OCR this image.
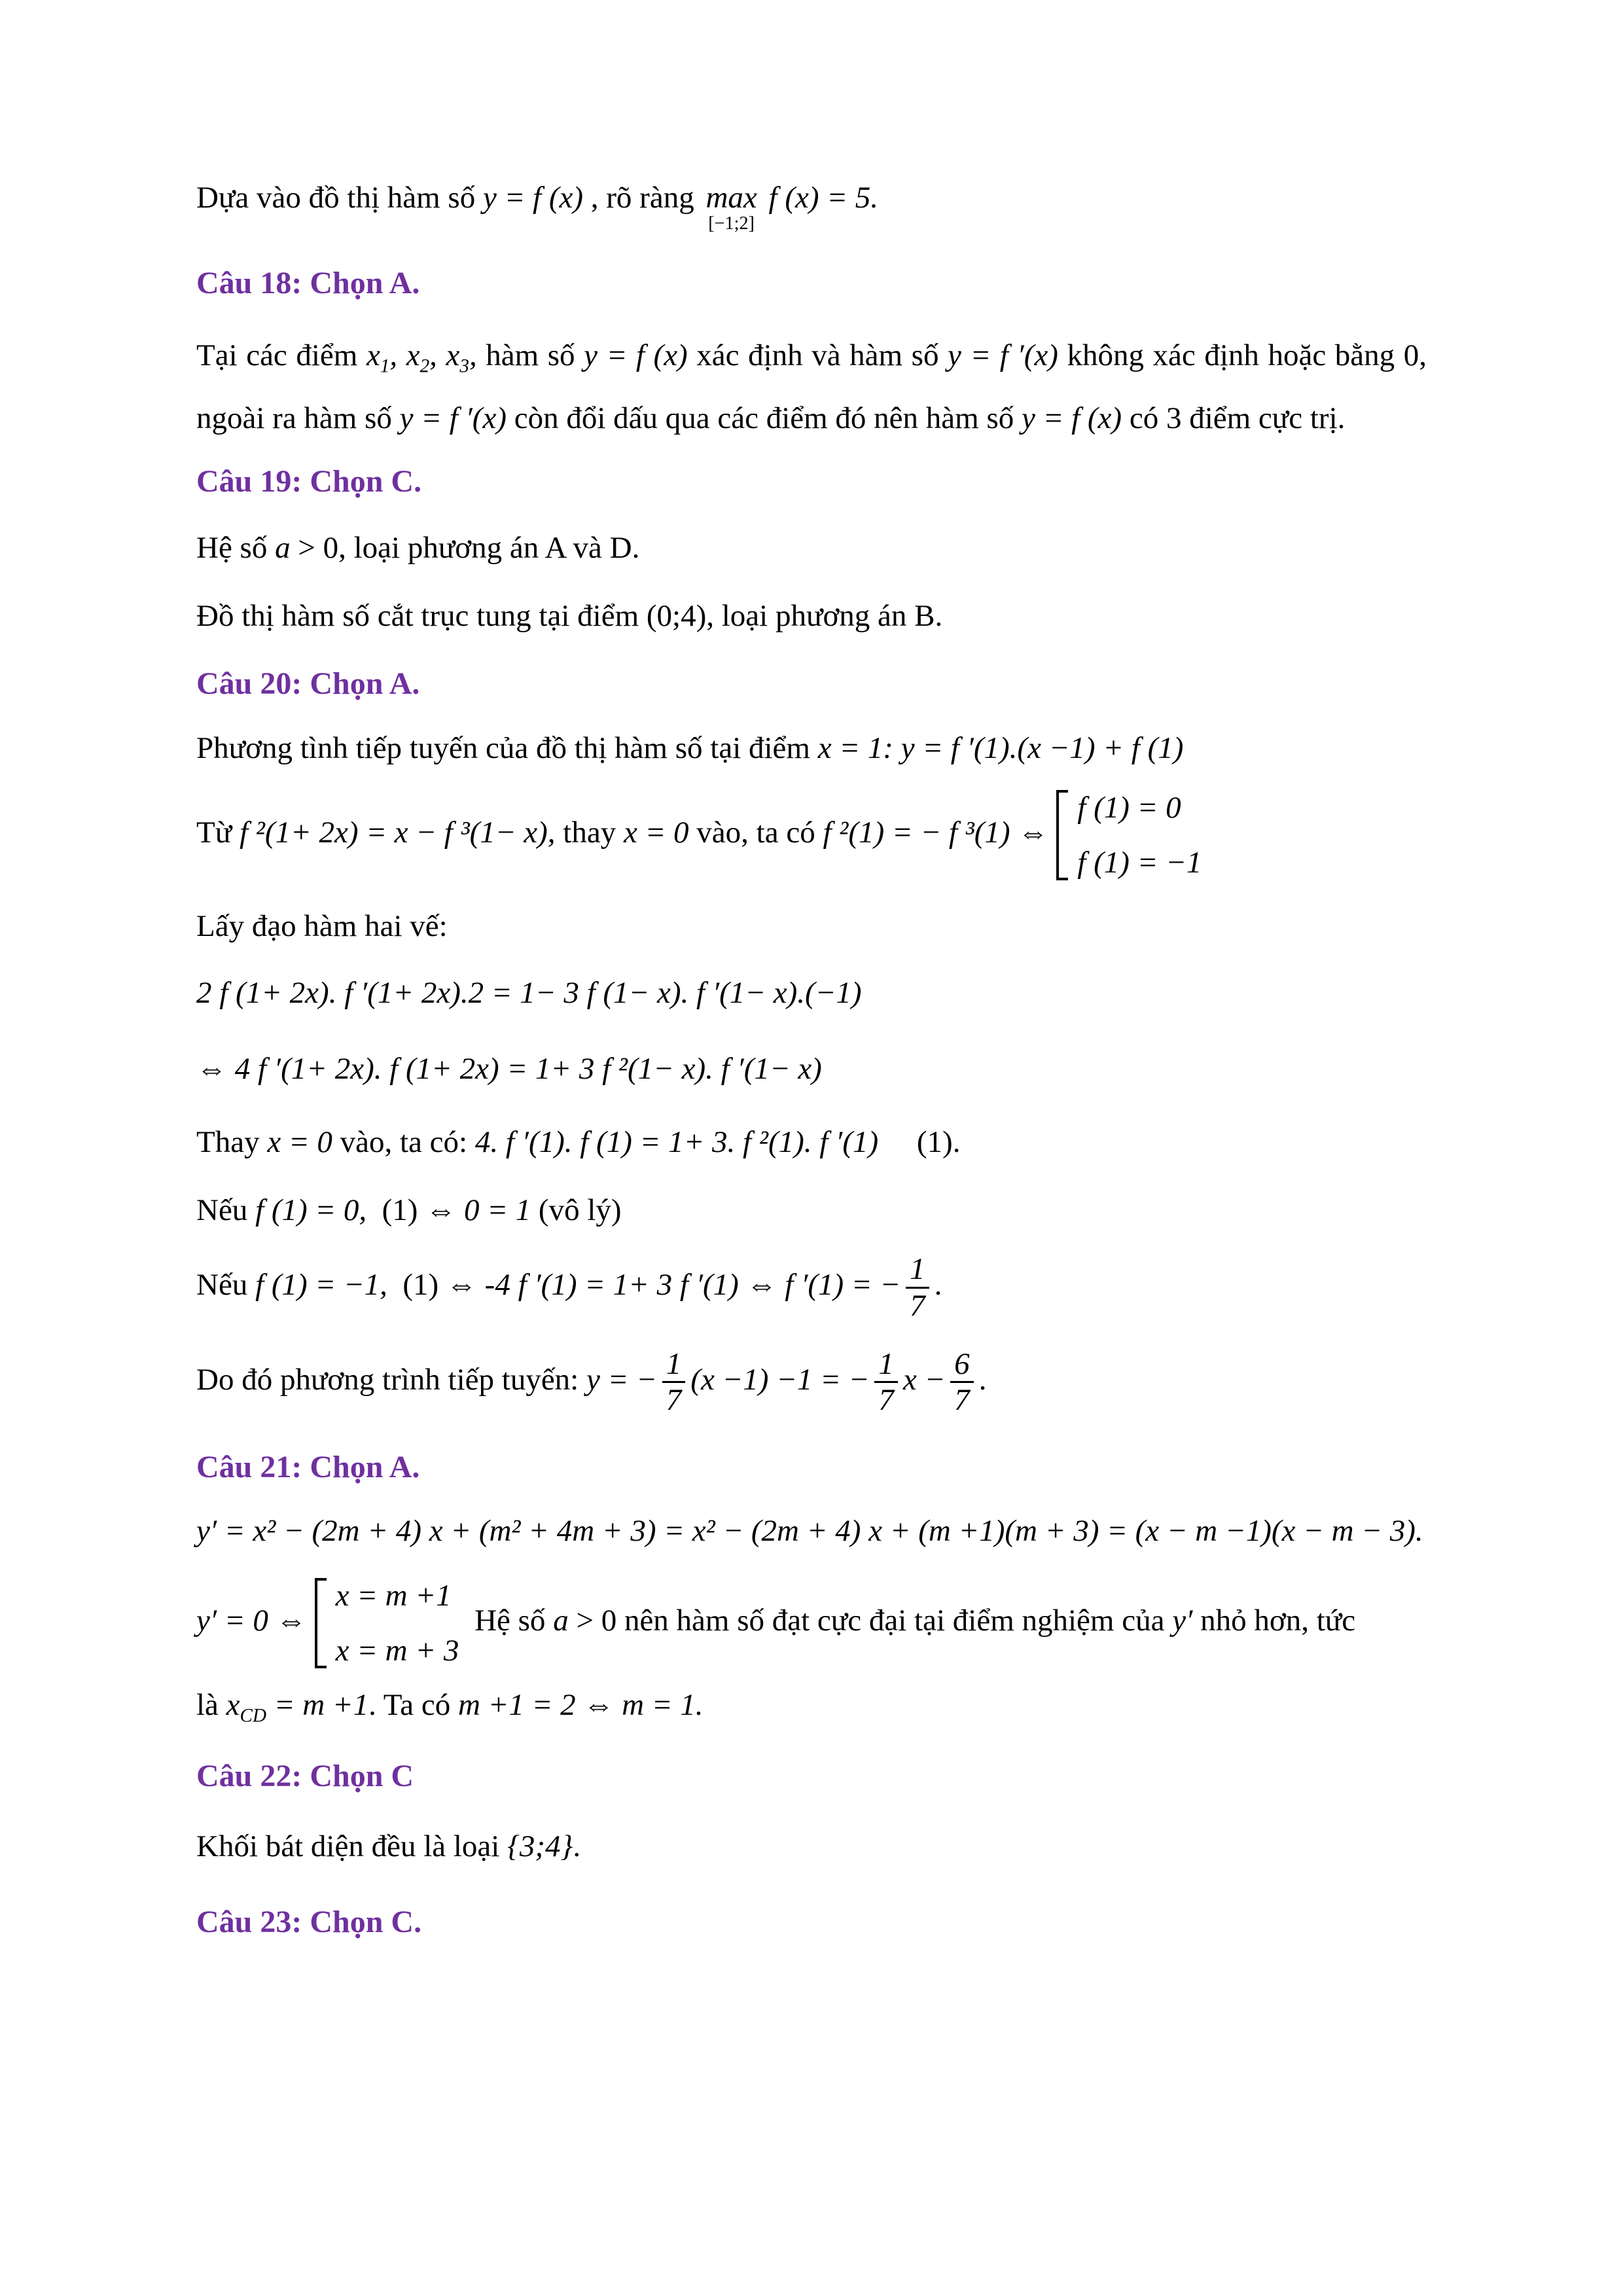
Dựa vào đồ thị hàm số y = f (x) , rõ ràng max
[−1;2]
f (x) = 5.
Câu 18: Chọn A.
Tại các điểm $x_1$, $x_2$, $x_3$, hàm số y = f (x) xác định và hàm số y = f ′(x) không xác định hoặc bằng 0, ngoài ra hàm số y = f ′(x) còn đổi dấu qua các điểm đó nên hàm số y = f (x) có 3 điểm cực trị.
Câu 19: Chọn C.
Hệ số a > 0, loại phương án A và D.
Đồ thị hàm số cắt trục tung tại điểm (0;4), loại phương án B.
Câu 20: Chọn A.
Phương tình tiếp tuyến của đồ thị hàm số tại điểm x = 1: y = f ′(1).(x −1) + f (1)
Từ f ²(1+ 2x) = x − f ³(1− x), thay x = 0 vào, ta có f ²(1) = − f ³(1) ⇔
f (1) = 0
f (1) = −1
Lấy đạo hàm hai vế:
2 f (1+ 2x). f ′(1+ 2x).2 = 1− 3 f (1− x). f ′(1− x).(−1)
⇔ 4 f ′(1+ 2x). f (1+ 2x) = 1+ 3 f ²(1− x). f ′(1− x)
Thay x = 0 vào, ta có: 4. f ′(1). f (1) = 1+ 3. f ²(1). f ′(1)     (1).
Nếu f (1) = 0,  (1) ⇔ 0 = 1 (vô lý)
Nếu f (1) = −1,  (1) ⇔ -4 f ′(1) = 1+ 3 f ′(1) ⇔ f ′(1) = − $\frac{1}{7}$ .
Do đó phương trình tiếp tuyến: y = − $\frac{1}{7} (x -1) -1$ = − $\frac{1}{7}$ $x - \frac{6}{7}$ .
Câu 21: Chọn A.
y′ = x² − (2m + 4) x + (m² + 4m + 3) = x² − (2m + 4) x + (m +1)(m + 3) = (x − m −1)(x − m − 3).
y′ = 0 ⇔
x = m +1
x = m + 3
Hệ số a > 0 nên hàm số đạt cực đại tại điểm nghiệm của y′ nhỏ hơn, tức
là $x_{CD} = m +1$. Ta có m +1 = 2 ⇔ m = 1.
Câu 22: Chọn C
Khối bát diện đều là loại {3;4}.
Câu 23: Chọn C.
